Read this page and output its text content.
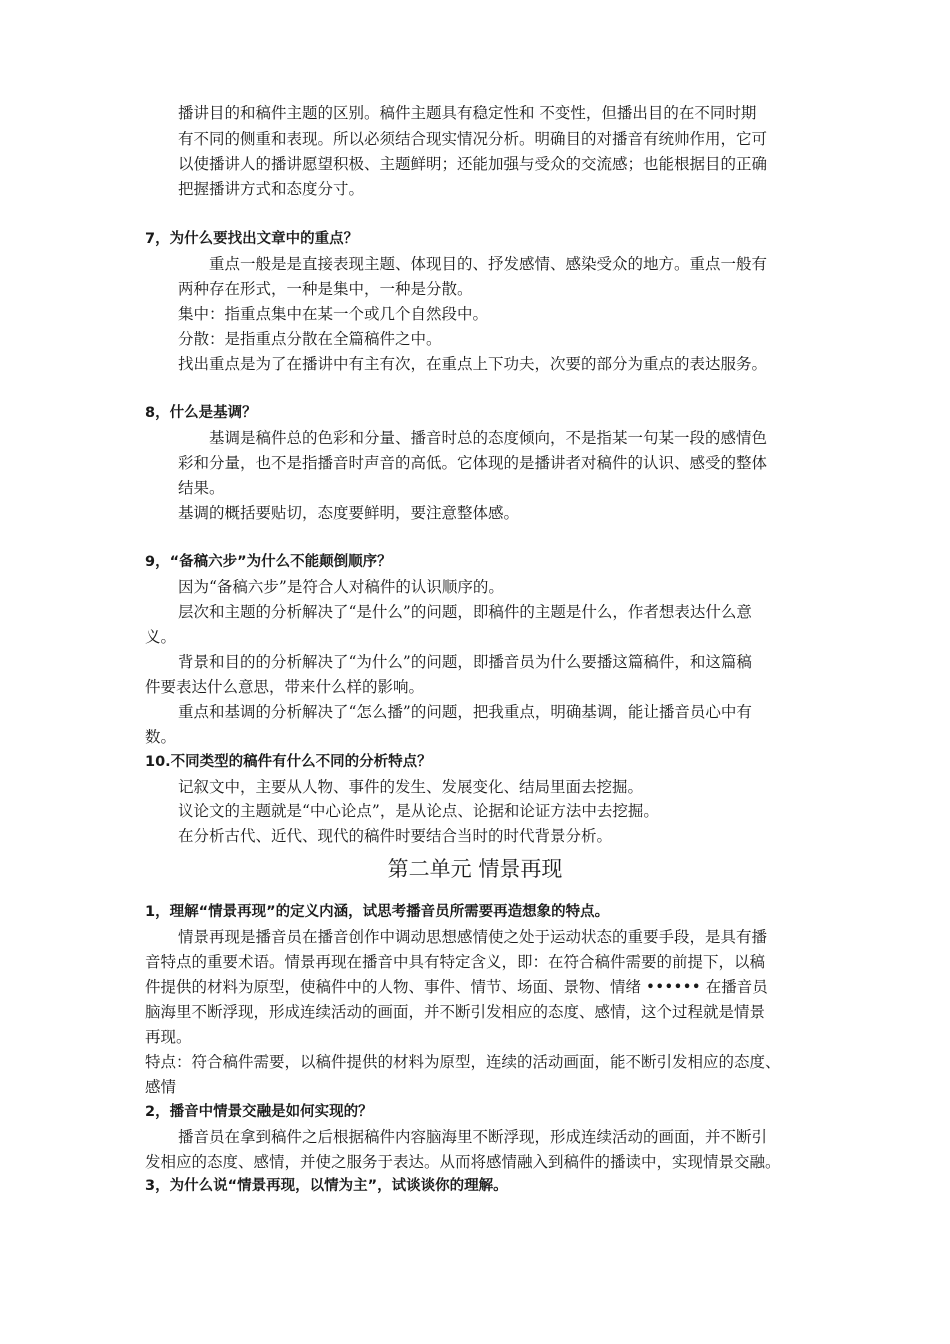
播讲目的和稿件主题的区别。稿件主题具有稳定性和 不变性，但播出目的在不同时期
有不同的侧重和表现。所以必须结合现实情况分析。明确目的对播音有统帅作用，它可
以使播讲人的播讲愿望积极、主题鲜明；还能加强与受众的交流感；也能根据目的正确
把握播讲方式和态度分寸。
7，为什么要找出文章中的重点？
重点一般是是直接表现主题、体现目的、抒发感情、感染受众的地方。重点一般有
两种存在形式，一种是集中，一种是分散。
集中：指重点集中在某一个或几个自然段中。
分散：是指重点分散在全篇稿件之中。
找出重点是为了在播讲中有主有次，在重点上下功夫，次要的部分为重点的表达服务。
8，什么是基调？
基调是稿件总的色彩和分量、播音时总的态度倾向，不是指某一句某一段的感情色
彩和分量，也不是指播音时声音的高低。它体现的是播讲者对稿件的认识、感受的整体
结果。
基调的概括要贴切，态度要鲜明，要注意整体感。
9，“备稿六步”为什么不能颠倒顺序？
因为“备稿六步”是符合人对稿件的认识顺序的。
层次和主题的分析解决了“是什么”的问题，即稿件的主题是什么，作者想表达什么意
义。
背景和目的的分析解决了“为什么”的问题，即播音员为什么要播这篇稿件，和这篇稿
件要表达什么意思，带来什么样的影响。
重点和基调的分析解决了“怎么播”的问题，把我重点，明确基调，能让播音员心中有
数。
10.不同类型的稿件有什么不同的分析特点？
记叙文中，主要从人物、事件的发生、发展变化、结局里面去挖掘。
议论文的主题就是“中心论点”，是从论点、论据和论证方法中去挖掘。
在分析古代、近代、现代的稿件时要结合当时的时代背景分析。
第二单元 情景再现
1，理解“情景再现”的定义内涵，试思考播音员所需要再造想象的特点。
情景再现是播音员在播音创作中调动思想感情使之处于运动状态的重要手段，是具有播
音特点的重要术语。情景再现在播音中具有特定含义，即：在符合稿件需要的前提下，以稿
件提供的材料为原型，使稿件中的人物、事件、情节、场面、景物、情绪 •••••• 在播音员
脑海里不断浮现，形成连续活动的画面，并不断引发相应的态度、感情，这个过程就是情景
再现。
特点：符合稿件需要，以稿件提供的材料为原型，连续的活动画面，能不断引发相应的态度、
感情
2，播音中情景交融是如何实现的？
播音员在拿到稿件之后根据稿件内容脑海里不断浮现，形成连续活动的画面，并不断引
发相应的态度、感情，并使之服务于表达。从而将感情融入到稿件的播读中，实现情景交融。
3，为什么说“情景再现，以情为主”，试谈谈你的理解。
